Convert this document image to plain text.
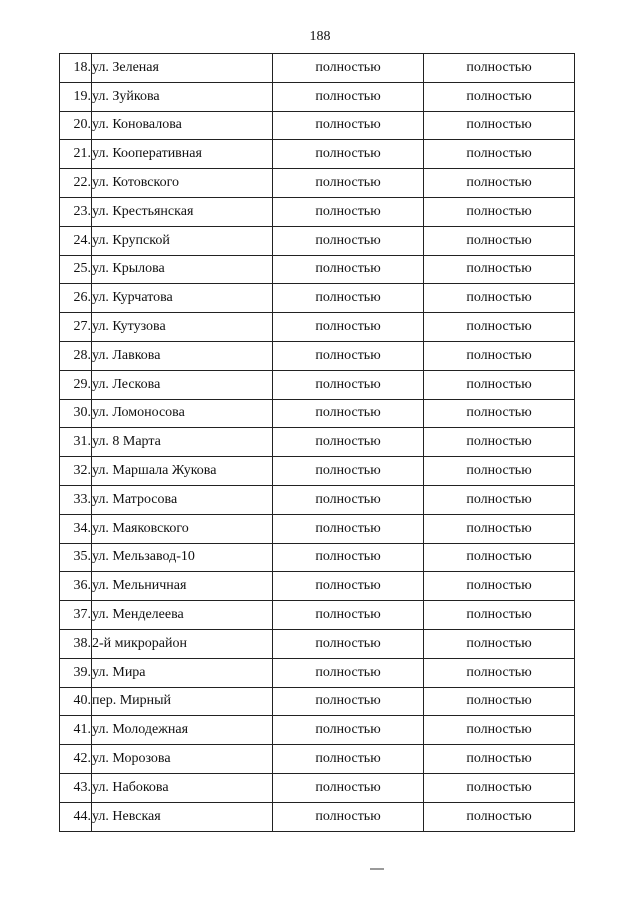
188
18.	ул. Зеленая	полностью	полностью
19.	ул. Зуйкова	полностью	полностью
20.	ул. Коновалова	полностью	полностью
21.	ул. Кооперативная	полностью	полностью
22.	ул. Котовского	полностью	полностью
23.	ул. Крестьянская	полностью	полностью
24.	ул. Крупской	полностью	полностью
25.	ул. Крылова	полностью	полностью
26.	ул. Курчатова	полностью	полностью
27.	ул. Кутузова	полностью	полностью
28.	ул. Лавкова	полностью	полностью
29.	ул. Лескова	полностью	полностью
30.	ул. Ломоносова	полностью	полностью
31.	ул. 8 Марта	полностью	полностью
32.	ул. Маршала Жукова	полностью	полностью
33.	ул. Матросова	полностью	полностью
34.	ул. Маяковского	полностью	полностью
35.	ул. Мельзавод-10	полностью	полностью
36.	ул. Мельничная	полностью	полностью
37.	ул. Менделеева	полностью	полностью
38.	2-й микрорайон	полностью	полностью
39.	ул. Мира	полностью	полностью
40.	пер. Мирный	полностью	полностью
41.	ул. Молодежная	полностью	полностью
42.	ул. Морозова	полностью	полностью
43.	ул. Набокова	полностью	полностью
44.	ул. Невская	полностью	полностью
